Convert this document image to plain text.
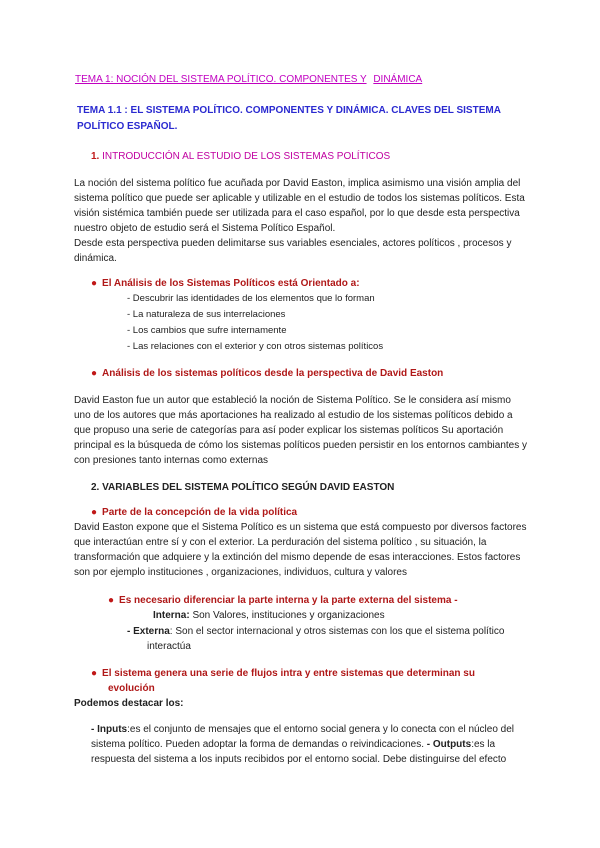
TEMA 1: NOCIÓN DEL SISTEMA POLÍTICO. COMPONENTES Y DINÁMICA
TEMA 1.1 : EL SISTEMA POLÍTICO. COMPONENTES Y DINÁMICA. CLAVES DEL SISTEMA
POLÍTICO ESPAÑOL.
1. INTRODUCCIÓN AL ESTUDIO DE LOS SISTEMAS POLÍTICOS
La noción del sistema político fue acuñada por David Easton, implica asimismo una visión amplia del sistema político que puede ser aplicable y utilizable en el estudio de todos los sistemas políticos. Esta visión sistémica también puede ser utilizada para el caso español, por lo que desde esta perspectiva nuestro objeto de estudio será el Sistema Político Español.
Desde esta perspectiva pueden delimitarse sus variables esenciales, actores políticos , procesos y dinámica.
● El Análisis de los Sistemas Políticos está Orientado a:
- Descubrir las identidades de los elementos que lo forman
- La naturaleza de sus interrelaciones
- Los cambios que sufre internamente
- Las relaciones con el exterior y con otros sistemas políticos
● Análisis de los sistemas políticos desde la perspectiva de David Easton
David Easton fue un autor que estableció la noción de Sistema Político. Se le considera así mismo uno de los autores que más aportaciones ha realizado al estudio de los sistemas políticos debido a que propuso una serie de categorías para así poder explicar los sistemas políticos Su aportación principal es la búsqueda de cómo los sistemas políticos pueden persistir en los entornos cambiantes y con presiones tanto internas como externas
2. VARIABLES DEL SISTEMA POLÍTICO SEGÚN DAVID EASTON
● Parte de la concepción de la vida política
David Easton expone que el Sistema Político es un sistema que está compuesto por diversos factores que interactúan entre sí y con el exterior. La perduración del sistema político , su situación, la transformación que adquiere y la extinción del mismo depende de esas interacciones. Estos factores son por ejemplo instituciones , organizaciones, individuos, cultura y valores
● Es necesario diferenciar la parte interna y la parte externa del sistema -
Interna: Son Valores, instituciones y organizaciones
- Externa: Son el sector internacional y otros sistemas con los que el sistema político
interactúa
● El sistema genera una serie de flujos intra y entre sistemas que determinan su
evolución
Podemos destacar los:
- Inputs:es el conjunto de mensajes que el entorno social genera y lo conecta con el núcleo del sistema político. Pueden adoptar la forma de demandas o reivindicaciones. - Outputs:es la respuesta del sistema a los inputs recibidos por el entorno social. Debe distinguirse del efecto
